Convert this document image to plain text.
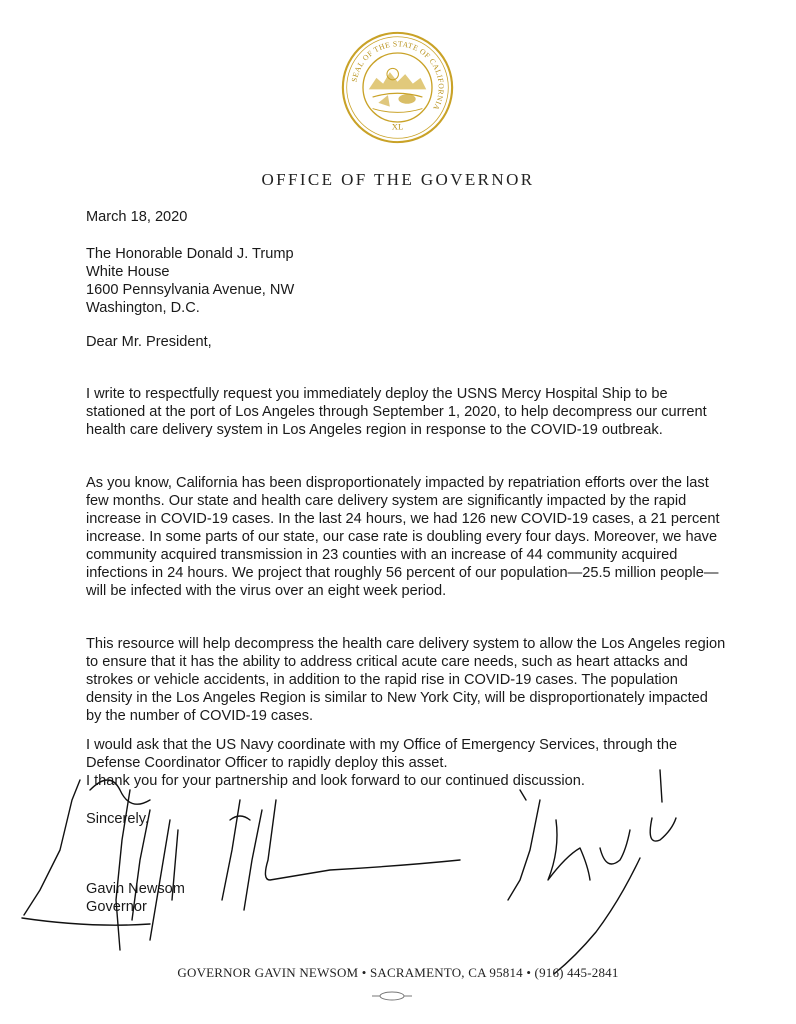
SEAL OF THE STATE OF CALIFORNIA
XL
OFFICE OF THE GOVERNOR
March 18, 2020
The Honorable Donald J. Trump
White House
1600 Pennsylvania Avenue, NW
Washington, D.C.
Dear Mr. President,

I write to respectfully request you immediately deploy the USNS Mercy Hospital Ship to be stationed at the port of Los Angeles through September 1, 2020, to help decompress our current health care delivery system in Los Angeles region in response to the COVID-19 outbreak.

As you know, California has been disproportionately impacted by repatriation efforts over the last few months. Our state and health care delivery system are significantly impacted by the rapid increase in COVID-19 cases. In the last 24 hours, we had 126 new COVID-19 cases, a 21 percent increase. In some parts of our state, our case rate is doubling every four days. Moreover, we have community acquired transmission in 23 counties with an increase of 44 community acquired infections in 24 hours. We project that roughly 56 percent of our population—25.5 million people—will be infected with the virus over an eight week period.

This resource will help decompress the health care delivery system to allow the Los Angeles region to ensure that it has the ability to address critical acute care needs, such as heart attacks and strokes or vehicle accidents, in addition to the rapid rise in COVID-19 cases. The population density in the Los Angeles Region is similar to New York City, will be disproportionately impacted by the number of COVID-19 cases.

I would ask that the US Navy coordinate with my Office of Emergency Services, through the Defense Coordinator Officer to rapidly deploy this asset.

I thank you for your partnership and look forward to our continued discussion.
Sincerely,
Gavin Newsom
Governor
GOVERNOR GAVIN NEWSOM • SACRAMENTO, CA 95814 • (916) 445-2841
